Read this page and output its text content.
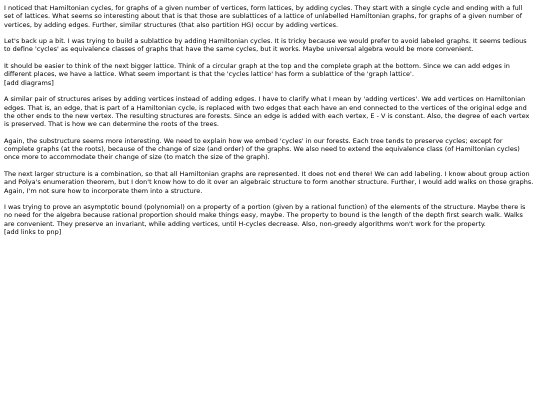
I noticed that Hamiltonian cycles, for graphs of a given number of vertices, form lattices, by adding cycles. They start with a single cycle and ending with a full set of lattices. What seems so interesting about that is that those are sublattices of a lattice of unlabelled Hamiltonian graphs, for graphs of a given number of vertices, by adding edges. Further, similar structures (that also partition HG) occur by adding vertices.

Let's back up a bit. I was trying to build a sublattice by adding Hamiltonian cycles. It is tricky because we would prefer to avoid labeled graphs. It seems tedious to define 'cycles' as equivalence classes of graphs that have the same cycles, but it works. Maybe universal algebra would be more convenient.

It should be easier to think of the next bigger lattice. Think of a circular graph at the top and the complete graph at the bottom. Since we can add edges in different places, we have a lattice. What seem important is that the 'cycles lattice' has form a sublattice of the 'graph lattice'.
[add diagrams]

A similar pair of structures arises by adding vertices instead of adding edges. I have to clarify what I mean by 'adding vertices'. We add vertices on Hamiltonian edges. That is, an edge, that is part of a Hamiltonian cycle, is replaced with two edges that each have an end connected to the vertices of the original edge and the other ends to the new vertex. The resulting structures are forests. Since an edge is added with each vertex, E - V is constant. Also, the degree of each vertex is preserved. That is how we can determine the roots of the trees.

Again, the substructure seems more interesting. We need to explain how we embed 'cycles' in our forests. Each tree tends to preserve cycles; except for complete graphs (at the roots), because of the change of size (and order) of the graphs. We also need to extend the equivalence class (of Hamiltonian cycles) once more to accommodate their change of size (to match the size of the graph).

The next larger structure is a combination, so that all Hamiltonian graphs are represented. It does not end there! We can add labeling. I know about group action and Polya's enumeration theorem, but I don't know how to do it over an algebraic structure to form another structure. Further, I would add walks on those graphs. Again, I'm not sure how to incorporate them into a structure.

I was trying to prove an asymptotic bound (polynomial) on a property of a portion (given by a rational function) of the elements of the structure. Maybe there is no need for the algebra because rational proportion should make things easy, maybe. The property to bound is the length of the depth first search walk. Walks are convenient. They preserve an invariant, while adding vertices, until H-cycles decrease. Also, non-greedy algorithms won't work for the property.
[add links to pnp]
